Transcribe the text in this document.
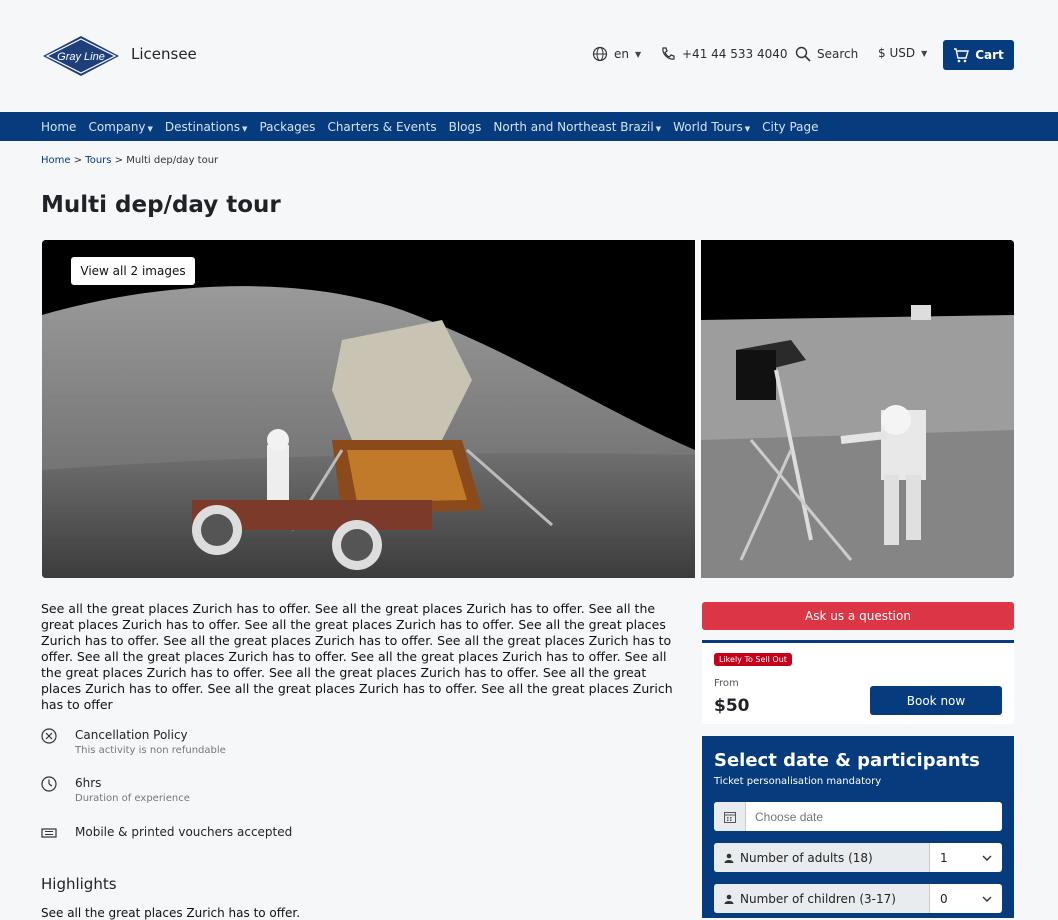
Gray Line Licensee	en ▼	+41 44 533 4040 Search $ USD ▼	Cart
Home Company ▼ Destinations ▼ Packages Charters & Events Blogs North and Northeast Brazil ▼ World Tours ▼ City Page
Home > Tours > Multi dep/day tour
Multi dep/day tour
View all 2 images
See all the great places Zurich has to offer. See all the great places Zurich has to offer. See all the great places Zurich has to offer. See all the great places Zurich has to offer. See all the great places Zurich has to offer. See all the great places Zurich has to offer. See all the great places Zurich has to offer. See all the great places Zurich has to offer. See all the great places Zurich has to offer. See all the great places Zurich has to offer. See all the great places Zurich has to offer. See all the great places Zurich has to offer. See all the great places Zurich has to offer. See all the great places Zurich has to offer
Cancellation Policy
This activity is non refundable
6hrs
Duration of experience
Mobile & printed vouchers accepted
Highlights
See all the great places Zurich has to offer.
Ask us a question
Likely To Sell Out
From
$50	Book now
Select date & participants
Ticket personalisation mandatory
Choose date
Number of adults (18)	1
Number of children (3-17)	0
